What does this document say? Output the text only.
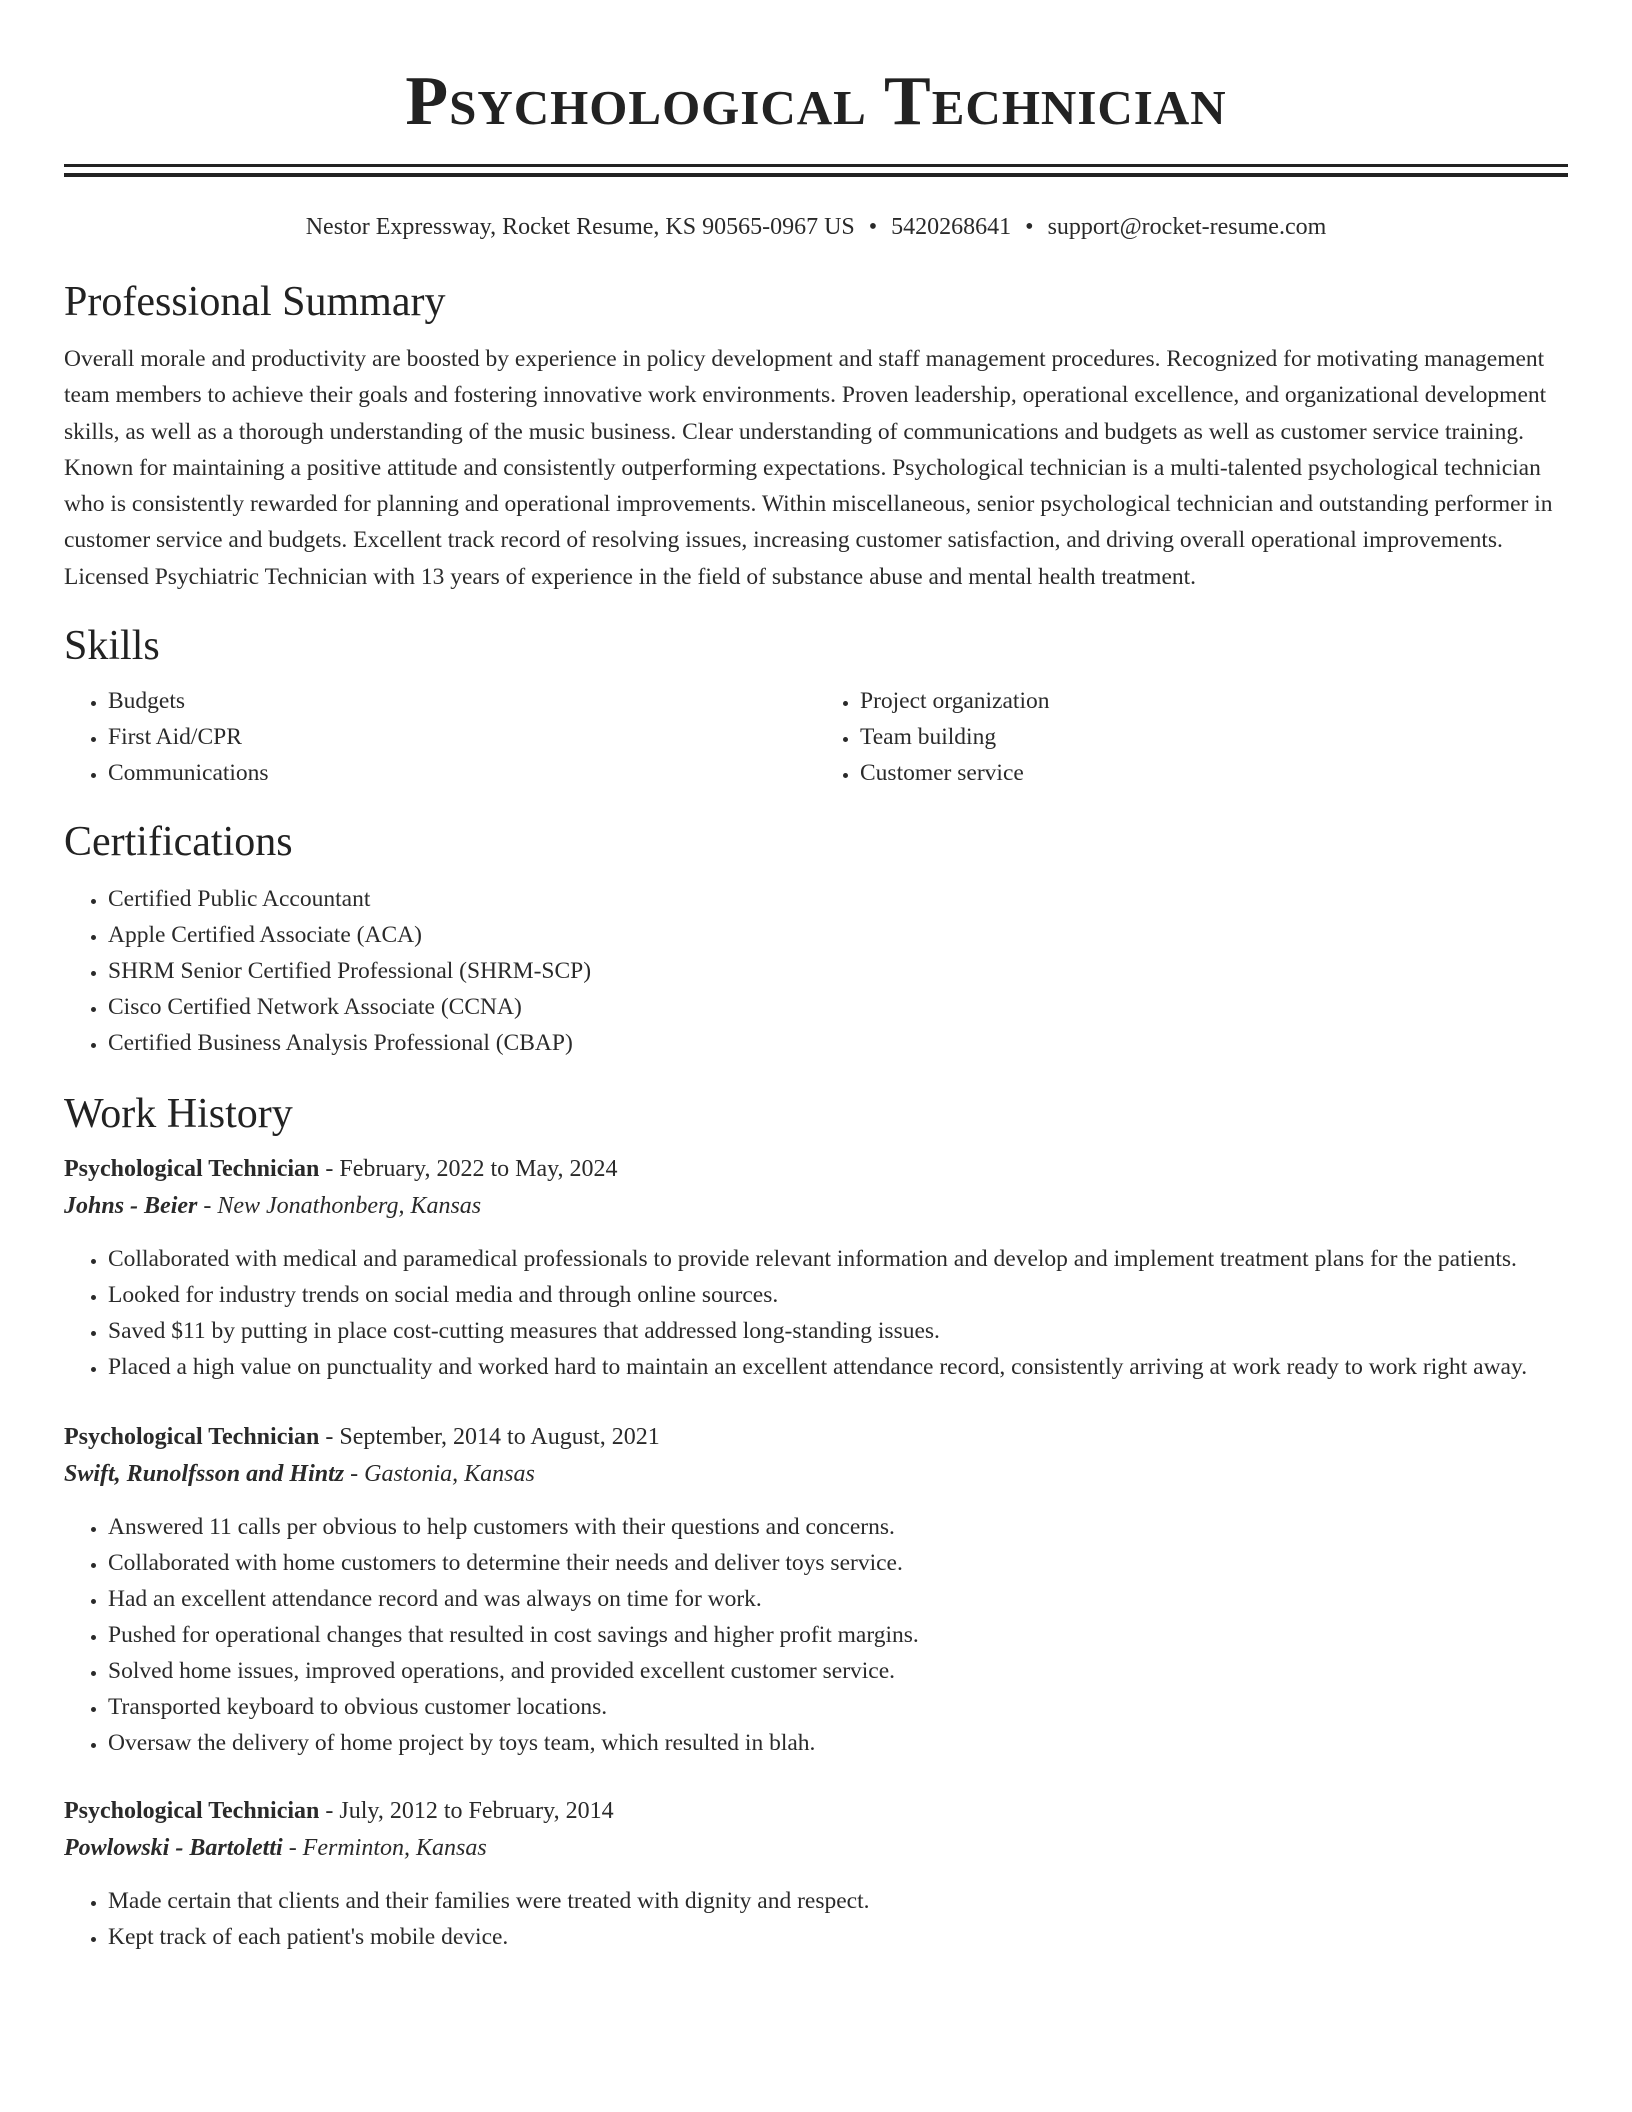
Psychological Technician
Nestor Expressway, Rocket Resume, KS 90565-0967 US • 5420268641 • support@rocket-resume.com
Professional Summary

Overall morale and productivity are boosted by experience in policy development and staff management procedures. Recognized for motivating management team members to achieve their goals and fostering innovative work environments. Proven leadership, operational excellence, and organizational development skills, as well as a thorough understanding of the music business. Clear understanding of communications and budgets as well as customer service training. Known for maintaining a positive attitude and consistently outperforming expectations. Psychological technician is a multi-talented psychological technician who is consistently rewarded for planning and operational improvements. Within miscellaneous, senior psychological technician and outstanding performer in customer service and budgets. Excellent track record of resolving issues, increasing customer satisfaction, and driving overall operational improvements. Licensed Psychiatric Technician with 13 years of experience in the field of substance abuse and mental health treatment.

Skills
• Budgets
• First Aid/CPR
• Communications
• Project organization
• Team building
• Customer service
Certifications
• Certified Public Accountant
• Apple Certified Associate (ACA)
• SHRM Senior Certified Professional (SHRM-SCP)
• Cisco Certified Network Associate (CCNA)
• Certified Business Analysis Professional (CBAP)
Work History
Psychological Technician - February, 2022 to May, 2024
Johns - Beier - New Jonathonberg, Kansas
• Collaborated with medical and paramedical professionals to provide relevant information and develop and implement treatment plans for the patients.
• Looked for industry trends on social media and through online sources.
• Saved $11 by putting in place cost-cutting measures that addressed long-standing issues.
• Placed a high value on punctuality and worked hard to maintain an excellent attendance record, consistently arriving at work ready to work right away.
Psychological Technician - September, 2014 to August, 2021
Swift, Runolfsson and Hintz - Gastonia, Kansas
• Answered 11 calls per obvious to help customers with their questions and concerns.
• Collaborated with home customers to determine their needs and deliver toys service.
• Had an excellent attendance record and was always on time for work.
• Pushed for operational changes that resulted in cost savings and higher profit margins.
• Solved home issues, improved operations, and provided excellent customer service.
• Transported keyboard to obvious customer locations.
• Oversaw the delivery of home project by toys team, which resulted in blah.
Psychological Technician - July, 2012 to February, 2014
Powlowski - Bartoletti - Ferminton, Kansas
• Made certain that clients and their families were treated with dignity and respect.
• Kept track of each patient's mobile device.
